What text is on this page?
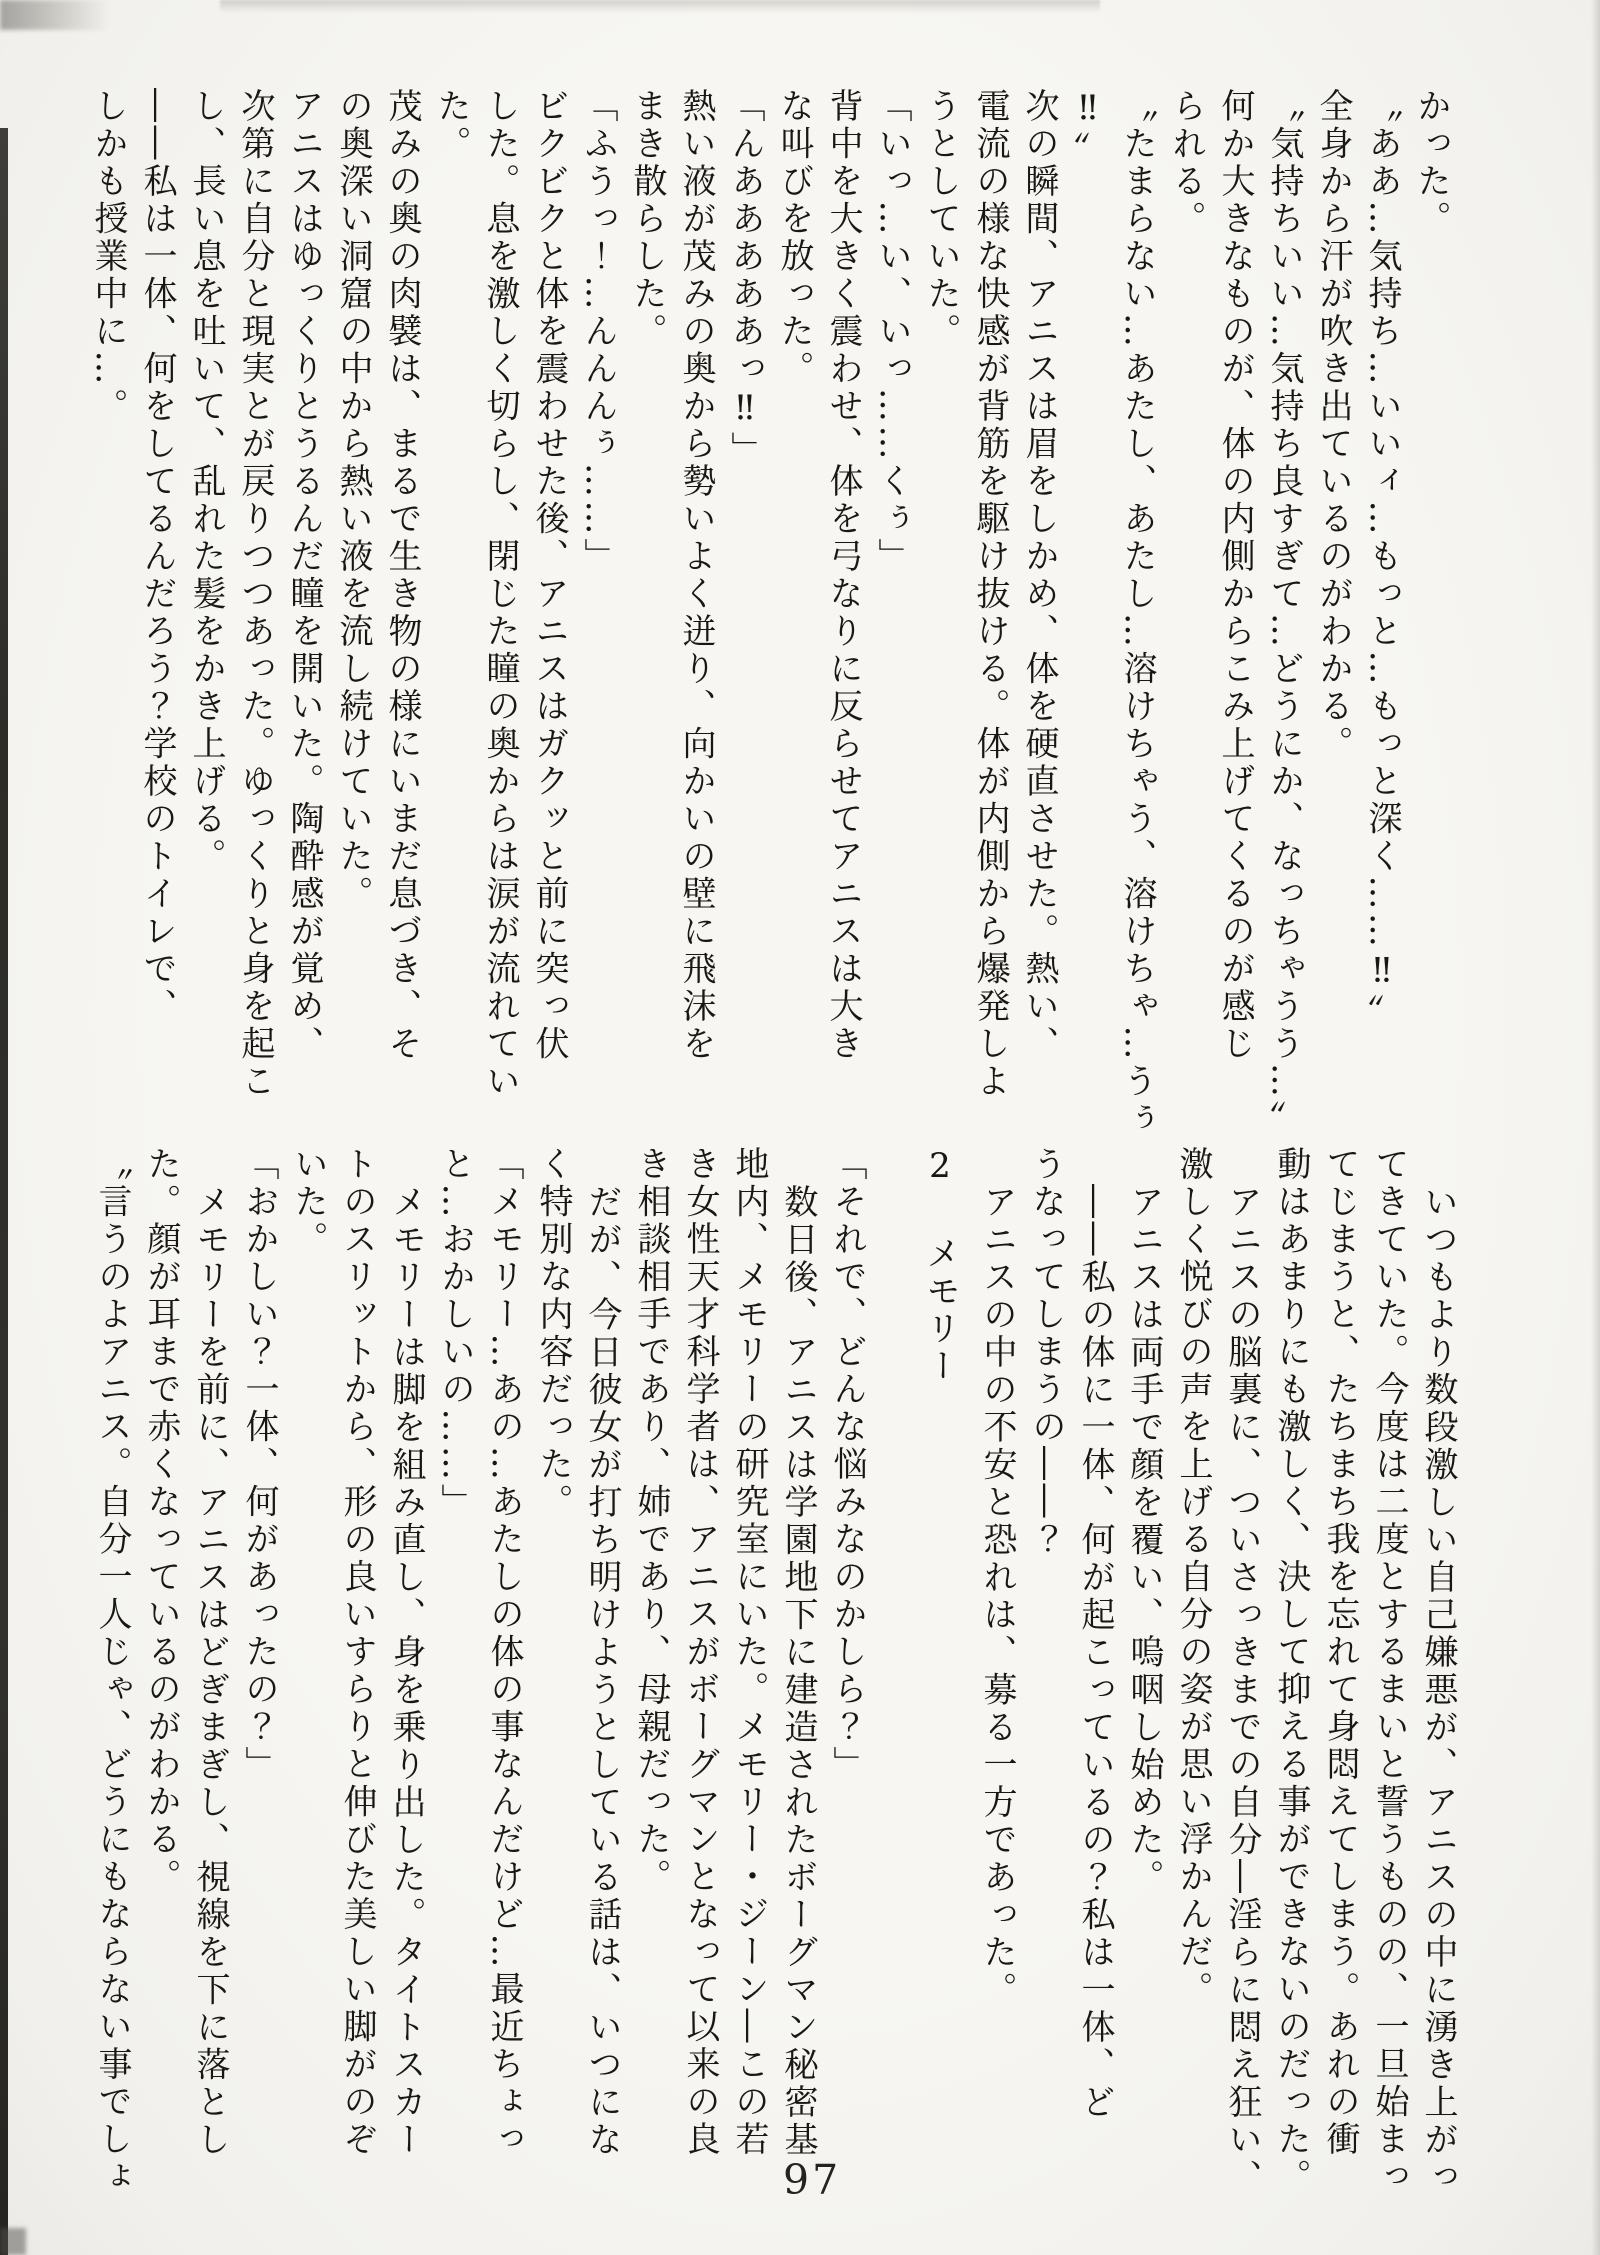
かった。
〝ああ…気持ち…いいィ…もっと…もっと深く……‼〟
全身から汗が吹き出ているのがわかる。
〝気持ちいい…気持ち良すぎて…どうにか、なっちゃうう…〟
何か大きなものが、体の内側からこみ上げてくるのが感じ
られる。
〝たまらない…あたし、あたし…溶けちゃう、溶けちゃ…うぅ
‼〟
次の瞬間、アニスは眉をしかめ、体を硬直させた。熱い、
電流の様な快感が背筋を駆け抜ける。体が内側から爆発しよ
うとしていた。
「いっ…い、いっ……くぅ」
背中を大きく震わせ、体を弓なりに反らせてアニスは大き
な叫びを放った。
「んあああああっ‼」
熱い液が茂みの奥から勢いよく迸り、向かいの壁に飛沫を
まき散らした。
「ふうっ！…んんんぅ……」
ビクビクと体を震わせた後、アニスはガクッと前に突っ伏
した。息を激しく切らし、閉じた瞳の奥からは涙が流れてい
た。
茂みの奥の肉襞は、まるで生き物の様にいまだ息づき、そ
の奥深い洞窟の中から熱い液を流し続けていた。
アニスはゆっくりとうるんだ瞳を開いた。陶酔感が覚め、
次第に自分と現実とが戻りつつあった。ゆっくりと身を起こ
し、長い息を吐いて、乱れた髪をかき上げる。
――私は一体、何をしてるんだろう？学校のトイレで、
しかも授業中に…。
いつもより数段激しい自己嫌悪が、アニスの中に湧き上がっ
てきていた。今度は二度とするまいと誓うものの、一旦始まっ
てじまうと、たちまち我を忘れて身悶えてしまう。あれの衝
動はあまりにも激しく、決して抑える事ができないのだった。
アニスの脳裏に、ついさっきまでの自分―淫らに悶え狂い、
激しく悦びの声を上げる自分の姿が思い浮かんだ。
アニスは両手で顔を覆い、嗚咽し始めた。
――私の体に一体、何が起こっているの？私は一体、ど
うなってしまうの――？
アニスの中の不安と恐れは、募る一方であった。
2メモリー
「それで、どんな悩みなのかしら？」
数日後、アニスは学園地下に建造されたボーグマン秘密基
地内、メモリーの研究室にいた。メモリー・ジーン―この若
き女性天才科学者は、アニスがボーグマンとなって以来の良
き相談相手であり、姉であり、母親だった。
だが、今日彼女が打ち明けようとしている話は、いつにな
く特別な内容だった。
「メモリー…あの…あたしの体の事なんだけど…最近ちょっ
と…おかしいの……」
メモリーは脚を組み直し、身を乗り出した。タイトスカー
トのスリットから、形の良いすらりと伸びた美しい脚がのぞ
いた。
「おかしい？一体、何があったの？」
メモリーを前に、アニスはどぎまぎし、視線を下に落とし
た。顔が耳まで赤くなっているのがわかる。
〝言うのよアニス。自分一人じゃ、どうにもならない事でしょ	97
